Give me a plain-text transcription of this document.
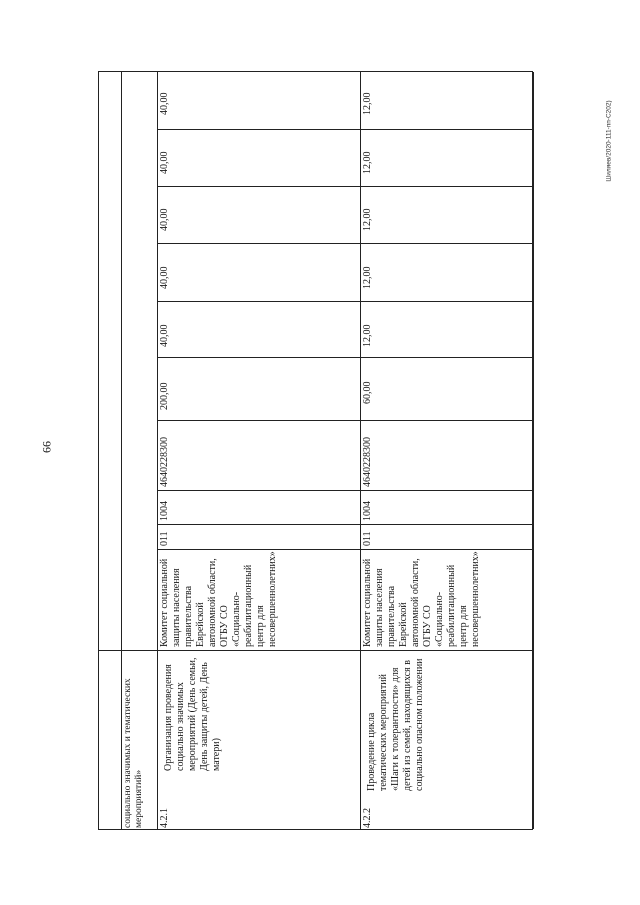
66
Шиляев/2020-111-пп-С202)
социально значимых и тематических мероприятий»	4.2.1
Организация проведения социально значимых мероприятий (День семьи, День защиты детей, День матери)
Комитет социальной защиты населения правительства Еврейской автономной области, ОГБУ СО «Социально-реабилитационный центр для несовершеннолетних»
011
1004
4640228300
200,00
40,00
40,00
40,00
40,00
40,00
4.2.2
Проведение цикла тематических мероприятий «Шаги к толерантности» для детей из семей, находящихся в социально опасном положении
Комитет социальной защиты населения правительства Еврейской автономной области, ОГБУ СО «Социально-реабилитационный центр для несовершеннолетних»
011
1004
4640228300
60,00
12,00
12,00
12,00
12,00
12,00
